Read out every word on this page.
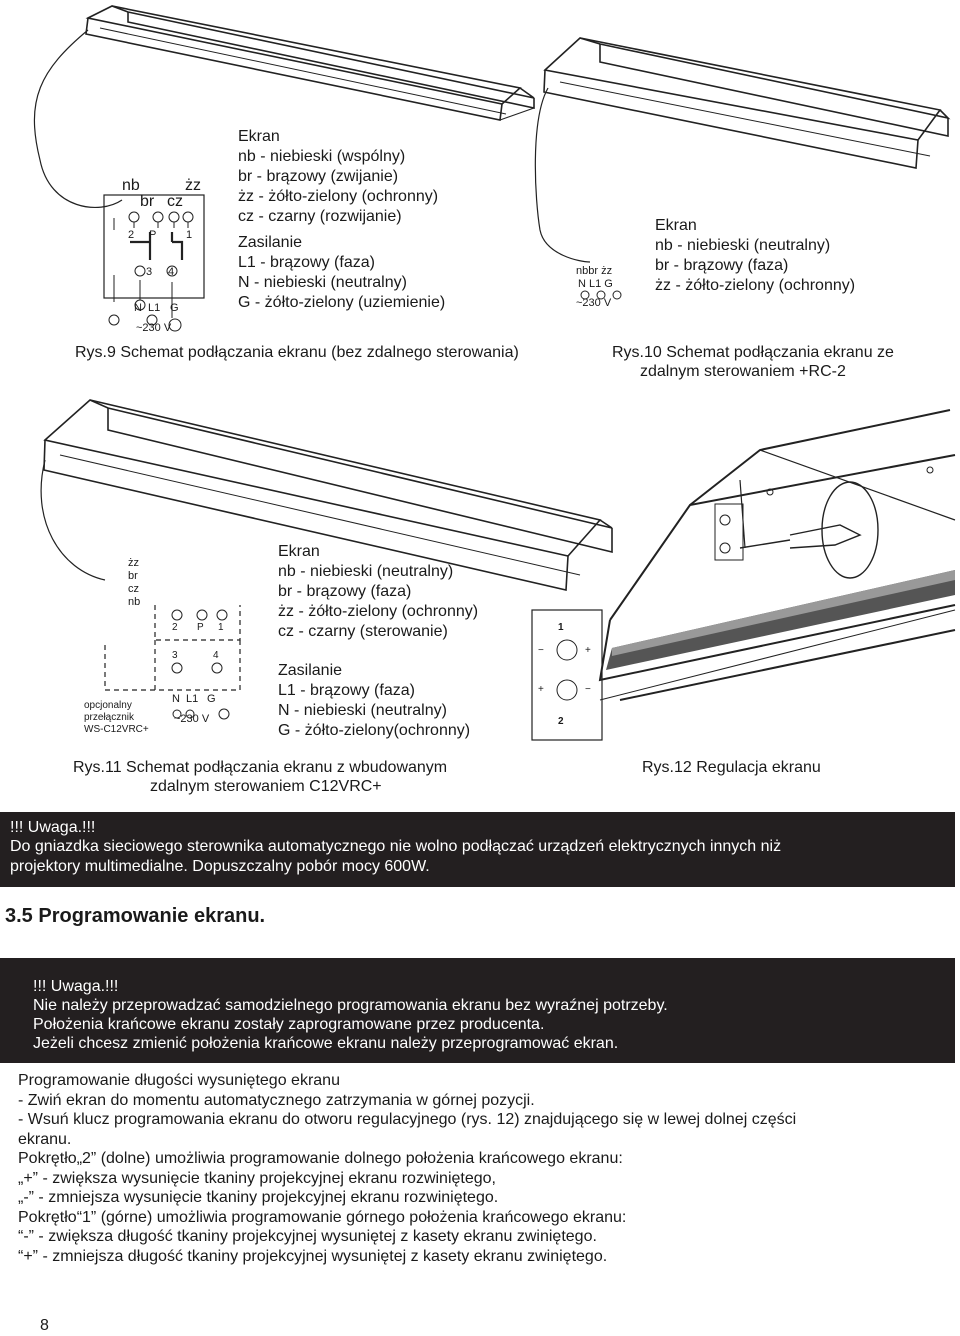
nb	żz
br cz
2 P	1
3 4
N L1 G
~230 V
Ekran
nb - niebieski (wspólny)
br - brązowy (zwijanie)
żz - żółto-zielony (ochronny)
cz - czarny (rozwijanie)
Zasilanie
L1 - brązowy (faza)
N - niebieski (neutralny)
G - żółto-zielony (uziemienie)
Rys.9 Schemat podłączania ekranu (bez zdalnego sterowania)
nbbr żz
N L1 G
~230 V
Ekran
nb - niebieski (neutralny)
br - brązowy (faza)
żz - żółto-zielony (ochronny)
Rys.10 Schemat podłączania ekranu ze
zdalnym sterowaniem +RC-2
żz
br
cz
nb
2 P 1
3	4
N L1 G
~230 V
opcjonalny
przełącznik
WS-C12VRC+
Ekran
nb - niebieski (neutralny)
br - brązowy (faza)
żz - żółto-zielony (ochronny)
cz - czarny (sterowanie)
Zasilanie
L1 - brązowy (faza)
N - niebieski (neutralny)
G - żółto-zielony(ochronny)
1
−	+
+	−
2
Rys.11 Schemat podłączania ekranu z wbudowanym
zdalnym sterowaniem C12VRC+
Rys.12 Regulacja ekranu
!!! Uwaga.!!!
Do gniazdka sieciowego sterownika automatycznego nie wolno podłączać urządzeń elektrycznych innych niż
projektory multimedialne. Dopuszczalny pobór mocy 600W.
3.5 Programowanie ekranu.
!!! Uwaga.!!!
Nie należy przeprowadzać samodzielnego programowania ekranu bez wyraźnej potrzeby.
Położenia krańcowe ekranu zostały zaprogramowane przez producenta.
Jeżeli chcesz zmienić położenia krańcowe ekranu należy przeprogramować ekran.
Programowanie długości wysuniętego ekranu
- Zwiń ekran do momentu automatycznego zatrzymania w górnej pozycji.
- Wsuń klucz programowania ekranu do otworu regulacyjnego (rys. 12) znajdującego się w lewej dolnej części
ekranu.
Pokrętło„2” (dolne) umożliwia programowanie dolnego położenia krańcowego ekranu:
„+” - zwiększa wysunięcie tkaniny projekcyjnej ekranu rozwiniętego,
„-” - zmniejsza wysunięcie tkaniny projekcyjnej ekranu rozwiniętego.
Pokrętło“1” (górne) umożliwia programowanie górnego położenia krańcowego ekranu:
“-” - zwiększa długość tkaniny projekcyjnej wysuniętej z kasety ekranu zwiniętego.
“+” - zmniejsza długość tkaniny projekcyjnej wysuniętej z kasety ekranu zwiniętego.
8
